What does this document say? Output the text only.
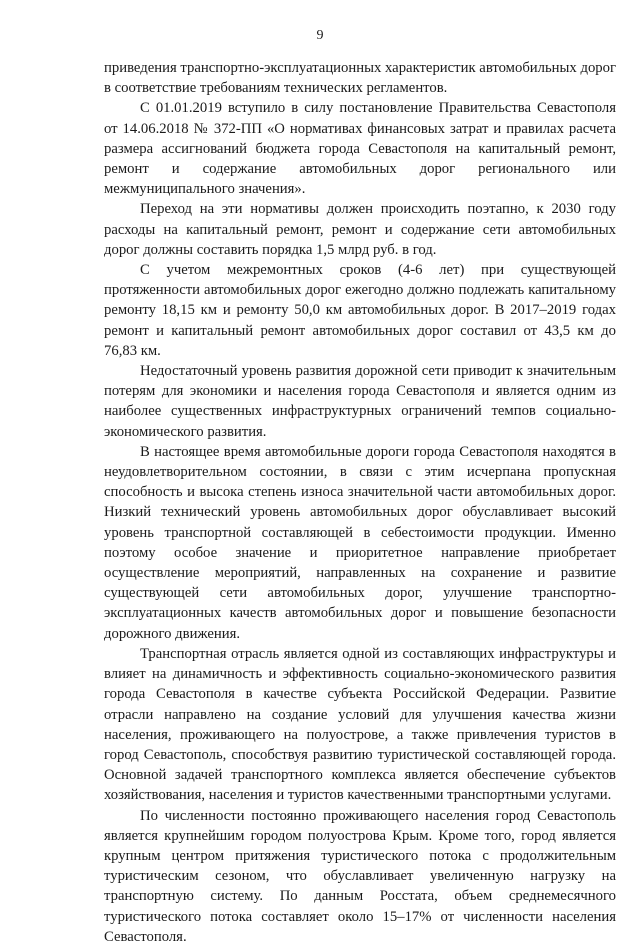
9

приведения транспортно-эксплуатационных характеристик автомобильных дорог в соответствие требованиям технических регламентов.

С 01.01.2019 вступило в силу постановление Правительства Севастополя от 14.06.2018 № 372-ПП «О нормативах финансовых затрат и правилах расчета размера ассигнований бюджета города Севастополя на капитальный ремонт, ремонт и содержание автомобильных дорог регионального или межмуниципального значения».

Переход на эти нормативы должен происходить поэтапно, к 2030 году расходы на капитальный ремонт, ремонт и содержание сети автомобильных дорог должны составить порядка 1,5 млрд руб. в год.

С учетом межремонтных сроков (4-6 лет) при существующей протяженности автомобильных дорог ежегодно должно подлежать капитальному ремонту 18,15 км и ремонту 50,0 км автомобильных дорог. В 2017–2019 годах ремонт и капитальный ремонт автомобильных дорог составил от 43,5 км до 76,83 км.

Недостаточный уровень развития дорожной сети приводит к значительным потерям для экономики и населения города Севастополя и является одним из наиболее существенных инфраструктурных ограничений темпов социально-экономического развития.

В настоящее время автомобильные дороги города Севастополя находятся в неудовлетворительном состоянии, в связи с этим исчерпана пропускная способность и высока степень износа значительной части автомобильных дорог. Низкий технический уровень автомобильных дорог обуславливает высокий уровень транспортной составляющей в себестоимости продукции. Именно поэтому особое значение и приоритетное направление приобретает осуществление мероприятий, направленных на сохранение и развитие существующей сети автомобильных дорог, улучшение транспортно-эксплуатационных качеств автомобильных дорог и повышение безопасности дорожного движения.

Транспортная отрасль является одной из составляющих инфраструктуры и влияет на динамичность и эффективность социально-экономического развития города Севастополя в качестве субъекта Российской Федерации. Развитие отрасли направлено на создание условий для улучшения качества жизни населения, проживающего на полуострове, а также привлечения туристов в город Севастополь, способствуя развитию туристической составляющей города. Основной задачей транспортного комплекса является обеспечение субъектов хозяйствования, населения и туристов качественными транспортными услугами.

По численности постоянно проживающего населения город Севастополь является крупнейшим городом полуострова Крым. Кроме того, город является крупным центром притяжения туристического потока с продолжительным туристическим сезоном, что обуславливает увеличенную нагрузку на транспортную систему. По данным Росстата, объем среднемесячного туристического потока составляет около 15–17% от численности населения Севастополя.
